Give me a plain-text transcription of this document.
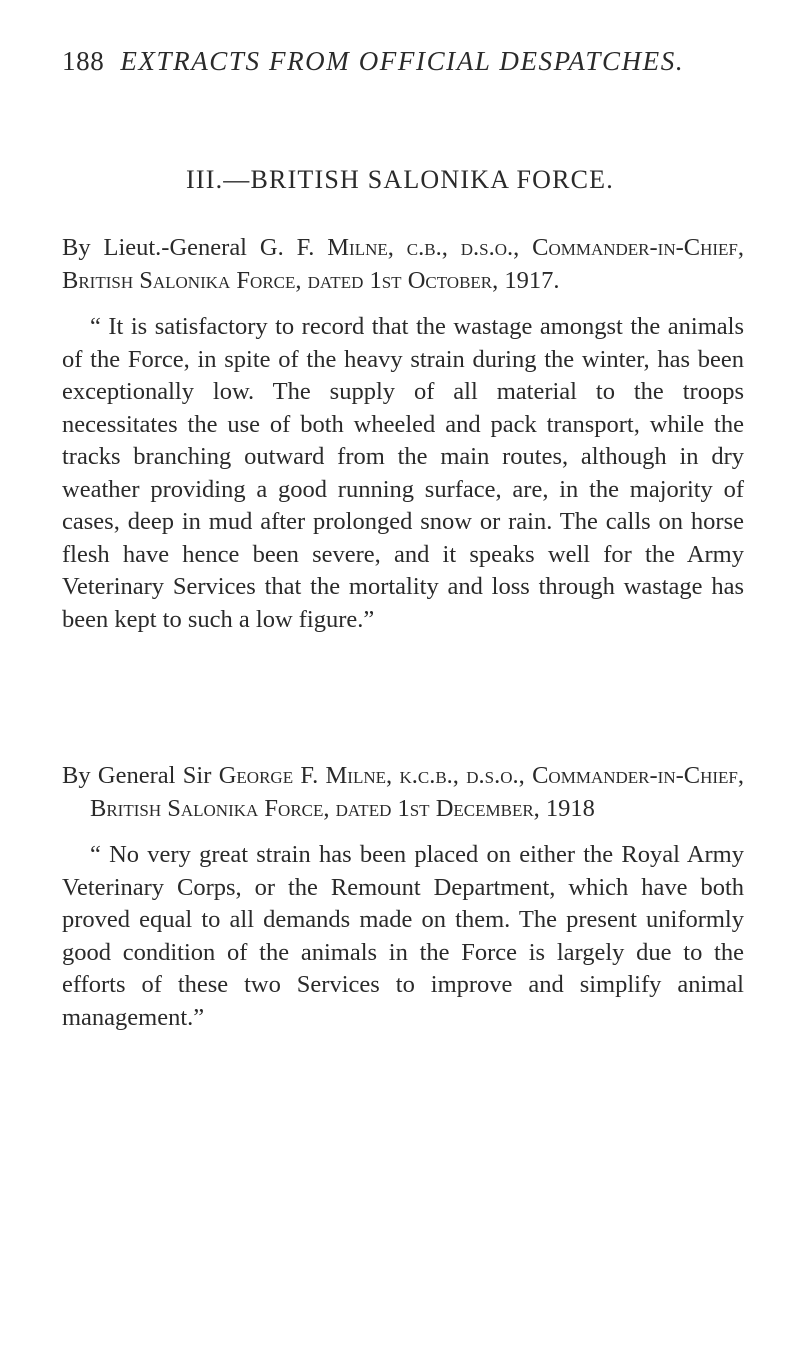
188 EXTRACTS FROM OFFICIAL DESPATCHES.
III.—BRITISH SALONIKA FORCE.

By Lieut.-General G. F. Milne, c.b., d.s.o., Commander-in-Chief, British Salonika Force, dated 1st October, 1917.

“ It is satisfactory to record that the wastage amongst the animals of the Force, in spite of the heavy strain during the winter, has been exceptionally low. The supply of all material to the troops necessitates the use of both wheeled and pack transport, while the tracks branching outward from the main routes, although in dry weather providing a good running surface, are, in the majority of cases, deep in mud after prolonged snow or rain. The calls on horse flesh have hence been severe, and it speaks well for the Army Veterinary Services that the mortality and loss through wastage has been kept to such a low figure.”

By General Sir George F. Milne, k.c.b., d.s.o., Commander-in-Chief, British Salonika Force, dated 1st December, 1918

“ No very great strain has been placed on either the Royal Army Veterinary Corps, or the Remount Department, which have both proved equal to all demands made on them. The present uniformly good condition of the animals in the Force is largely due to the efforts of these two Services to improve and simplify animal management.”
